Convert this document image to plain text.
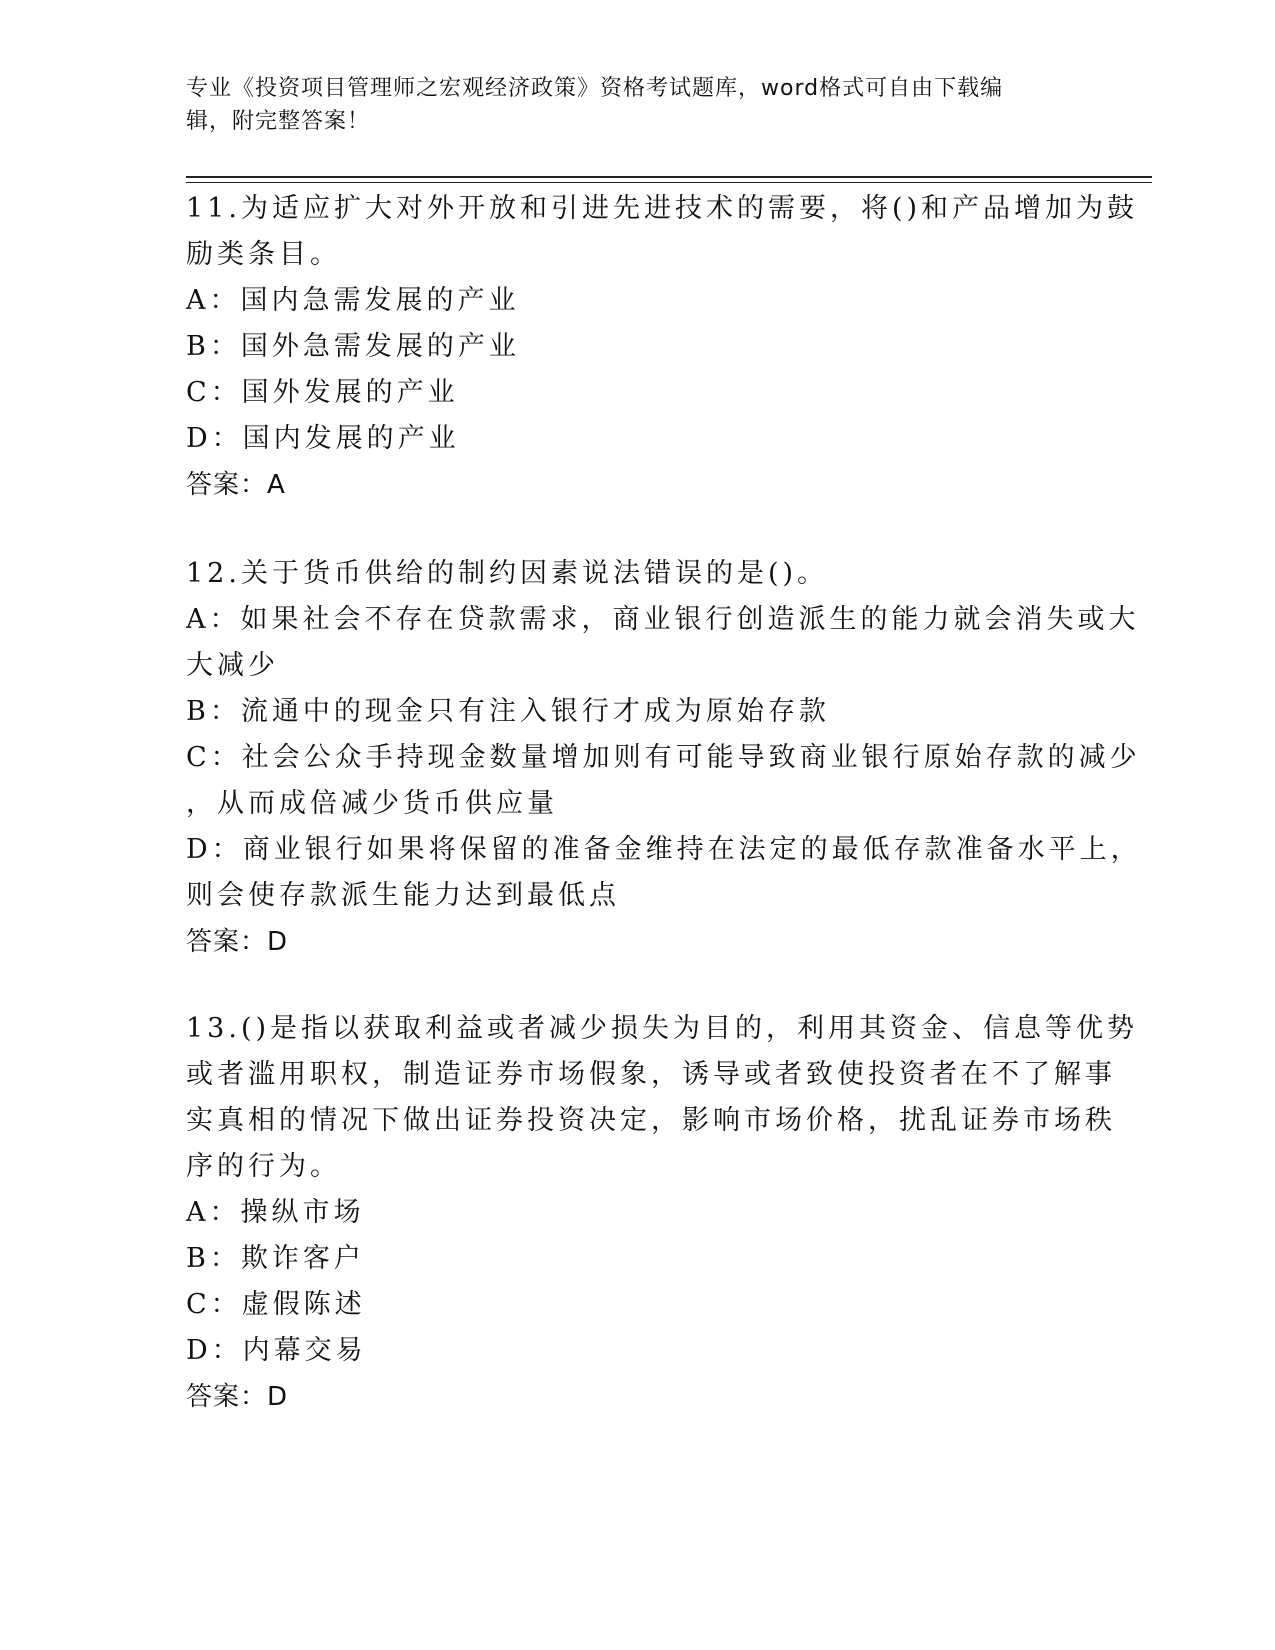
专业《投资项目管理师之宏观经济政策》资格考试题库，word格式可自由下载编
辑，附完整答案！
11.为适应扩大对外开放和引进先进技术的需要，将()和产品增加为鼓
励类条目。
A：国内急需发展的产业
B：国外急需发展的产业
C：国外发展的产业
D：国内发展的产业
答案：A
12.关于货币供给的制约因素说法错误的是()。
A：如果社会不存在贷款需求，商业银行创造派生的能力就会消失或大
大减少
B：流通中的现金只有注入银行才成为原始存款
C：社会公众手持现金数量增加则有可能导致商业银行原始存款的减少
，从而成倍减少货币供应量
D：商业银行如果将保留的准备金维持在法定的最低存款准备水平上，
则会使存款派生能力达到最低点
答案：D
13.()是指以获取利益或者减少损失为目的，利用其资金、信息等优势
或者滥用职权，制造证券市场假象，诱导或者致使投资者在不了解事
实真相的情况下做出证券投资决定，影响市场价格，扰乱证券市场秩
序的行为。
A：操纵市场
B：欺诈客户
C：虚假陈述
D：内幕交易
答案：D
